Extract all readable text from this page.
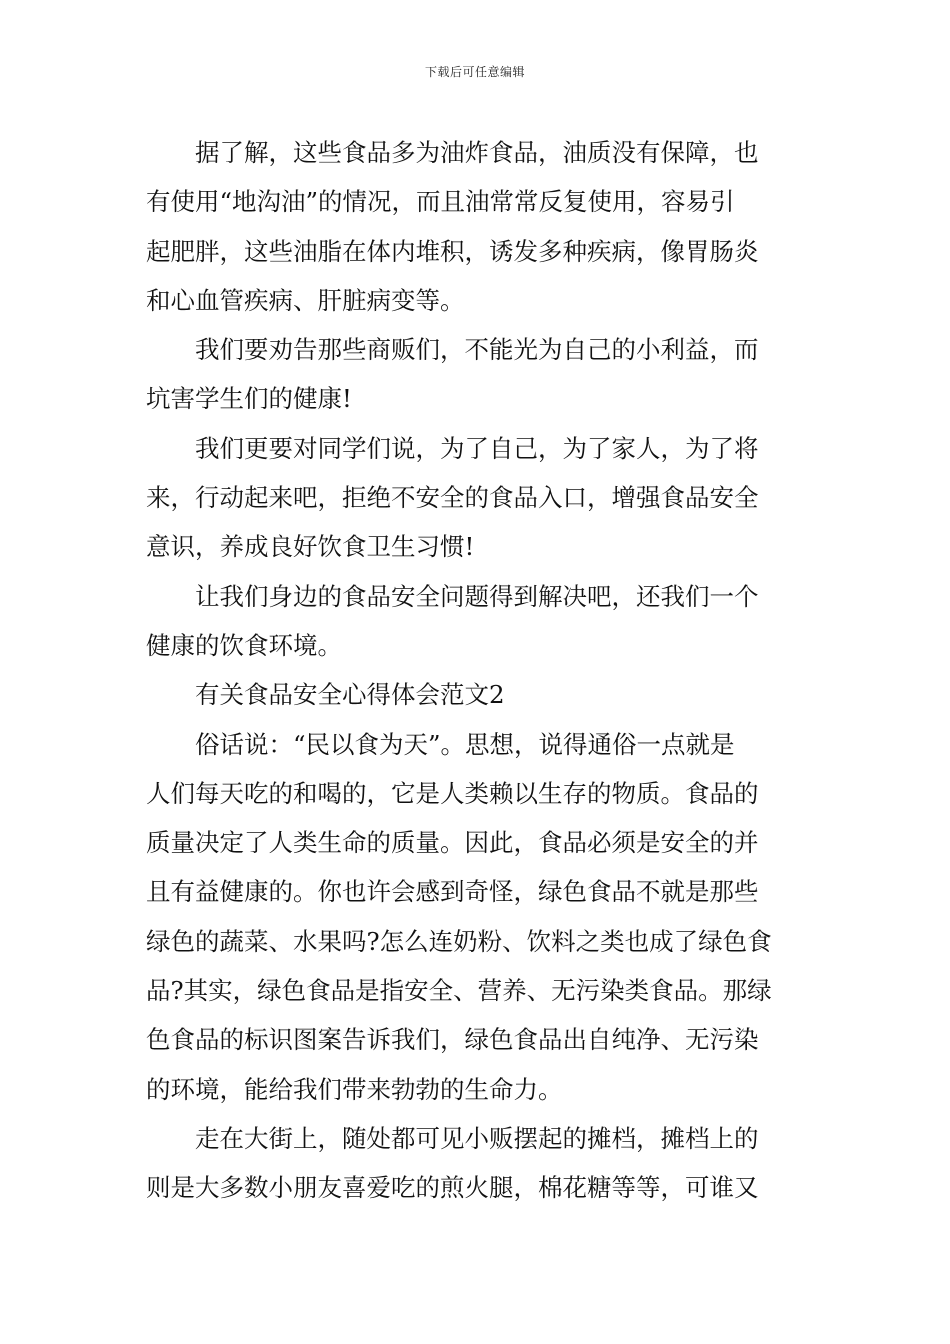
下载后可任意编辑
据了解，这些食品多为油炸食品，油质没有保障，也
有使用“地沟油”的情况，而且油常常反复使用，容易引
起肥胖，这些油脂在体内堆积，诱发多种疾病，像胃肠炎
和心血管疾病、肝脏病变等。
我们要劝告那些商贩们，不能光为自己的小利益，而
坑害学生们的健康!
我们更要对同学们说，为了自己，为了家人，为了将
来，行动起来吧，拒绝不安全的食品入口，增强食品安全
意识，养成良好饮食卫生习惯!
让我们身边的食品安全问题得到解决吧，还我们一个
健康的饮食环境。
有关食品安全心得体会范文2
俗话说：“民以食为天”。思想，说得通俗一点就是
人们每天吃的和喝的，它是人类赖以生存的物质。食品的
质量决定了人类生命的质量。因此，食品必须是安全的并
且有益健康的。你也许会感到奇怪，绿色食品不就是那些
绿色的蔬菜、水果吗?怎么连奶粉、饮料之类也成了绿色食
品?其实，绿色食品是指安全、营养、无污染类食品。那绿
色食品的标识图案告诉我们，绿色食品出自纯净、无污染
的环境，能给我们带来勃勃的生命力。
走在大街上，随处都可见小贩摆起的摊档，摊档上的
则是大多数小朋友喜爱吃的煎火腿，棉花糖等等，可谁又
